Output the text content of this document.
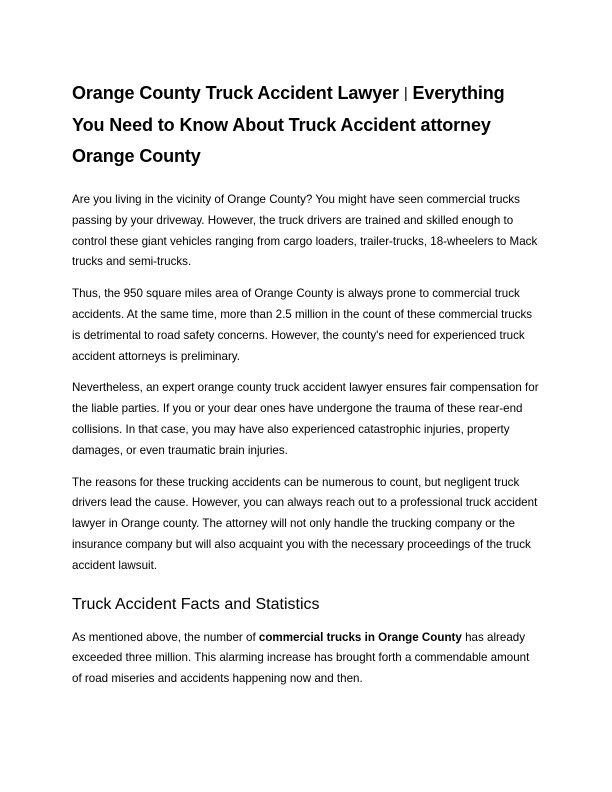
Orange County Truck Accident Lawyer | Everything You Need to Know About Truck Accident attorney Orange County

Are you living in the vicinity of Orange County? You might have seen commercial trucks passing by your driveway. However, the truck drivers are trained and skilled enough to control these giant vehicles ranging from cargo loaders, trailer-trucks, 18-wheelers to Mack trucks and semi-trucks.

Thus, the 950 square miles area of Orange County is always prone to commercial truck accidents. At the same time, more than 2.5 million in the count of these commercial trucks is detrimental to road safety concerns. However, the county's need for experienced truck accident attorneys is preliminary.

Nevertheless, an expert orange county truck accident lawyer ensures fair compensation for the liable parties. If you or your dear ones have undergone the trauma of these rear-end collisions. In that case, you may have also experienced catastrophic injuries, property damages, or even traumatic brain injuries.

The reasons for these trucking accidents can be numerous to count, but negligent truck drivers lead the cause. However, you can always reach out to a professional truck accident lawyer in Orange county. The attorney will not only handle the trucking company or the insurance company but will also acquaint you with the necessary proceedings of the truck accident lawsuit.

Truck Accident Facts and Statistics

As mentioned above, the number of commercial trucks in Orange County has already exceeded three million. This alarming increase has brought forth a commendable amount of road miseries and accidents happening now and then.
